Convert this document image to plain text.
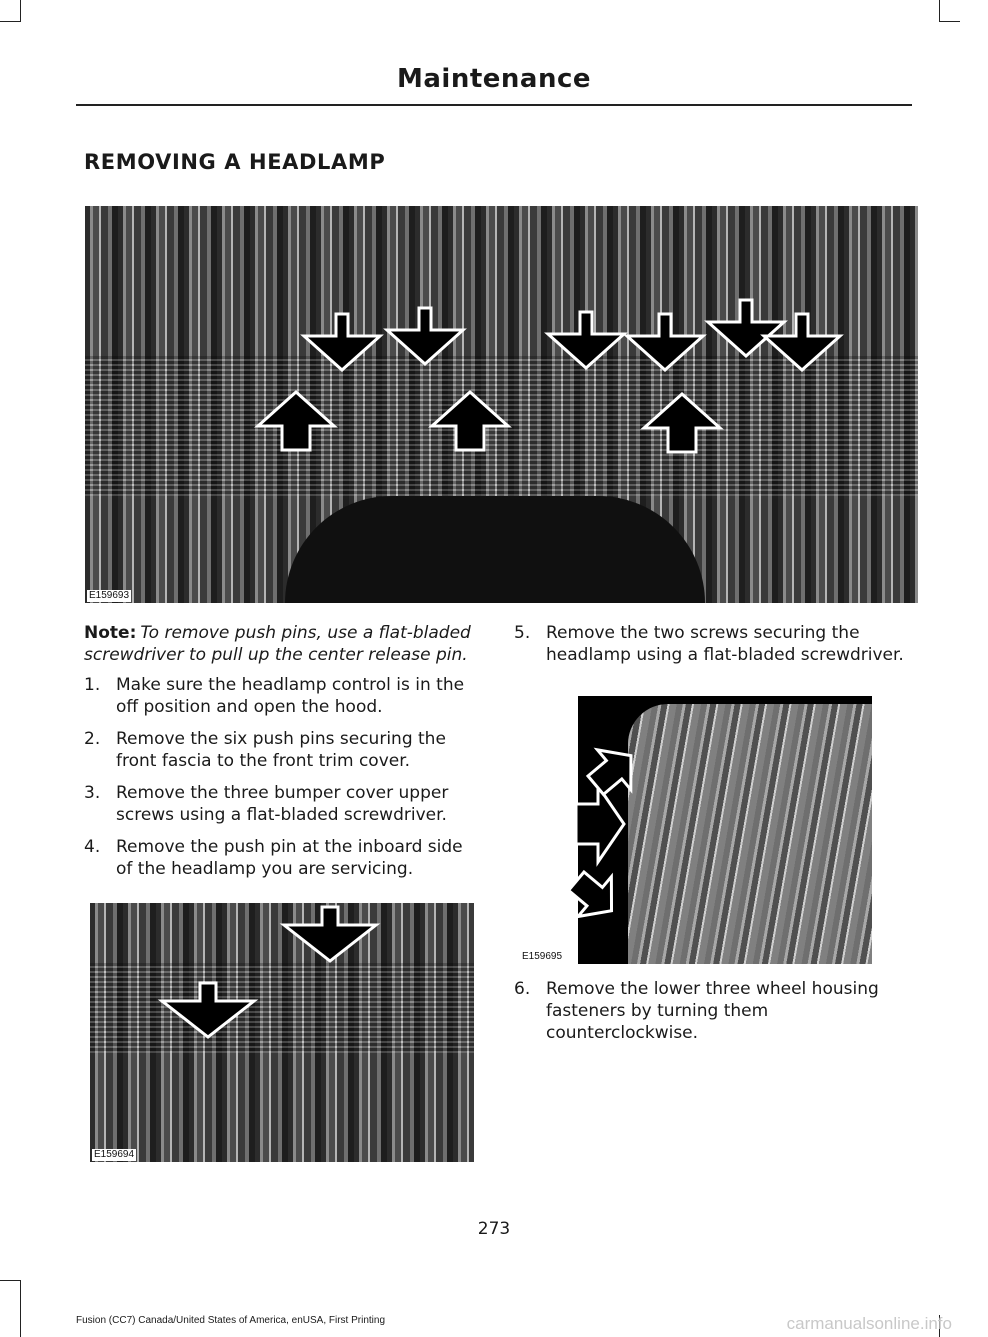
Maintenance
REMOVING A HEADLAMP
E159693

Note: To remove push pins, use a flat-bladed screwdriver to pull up the center release pin.

1. Make sure the headlamp control is in the off position and open the hood.
2. Remove the six push pins securing the front fascia to the front trim cover.
3. Remove the three bumper cover upper screws using a flat-bladed screwdriver.
4. Remove the push pin at the inboard side of the headlamp you are servicing.
E159694
5. Remove the two screws securing the headlamp using a flat-bladed screwdriver.
E159695
6. Remove the lower three wheel housing fasteners by turning them counterclockwise.
273
Fusion (CC7) Canada/United States of America, enUSA, First Printing	carmanualsonline.info
